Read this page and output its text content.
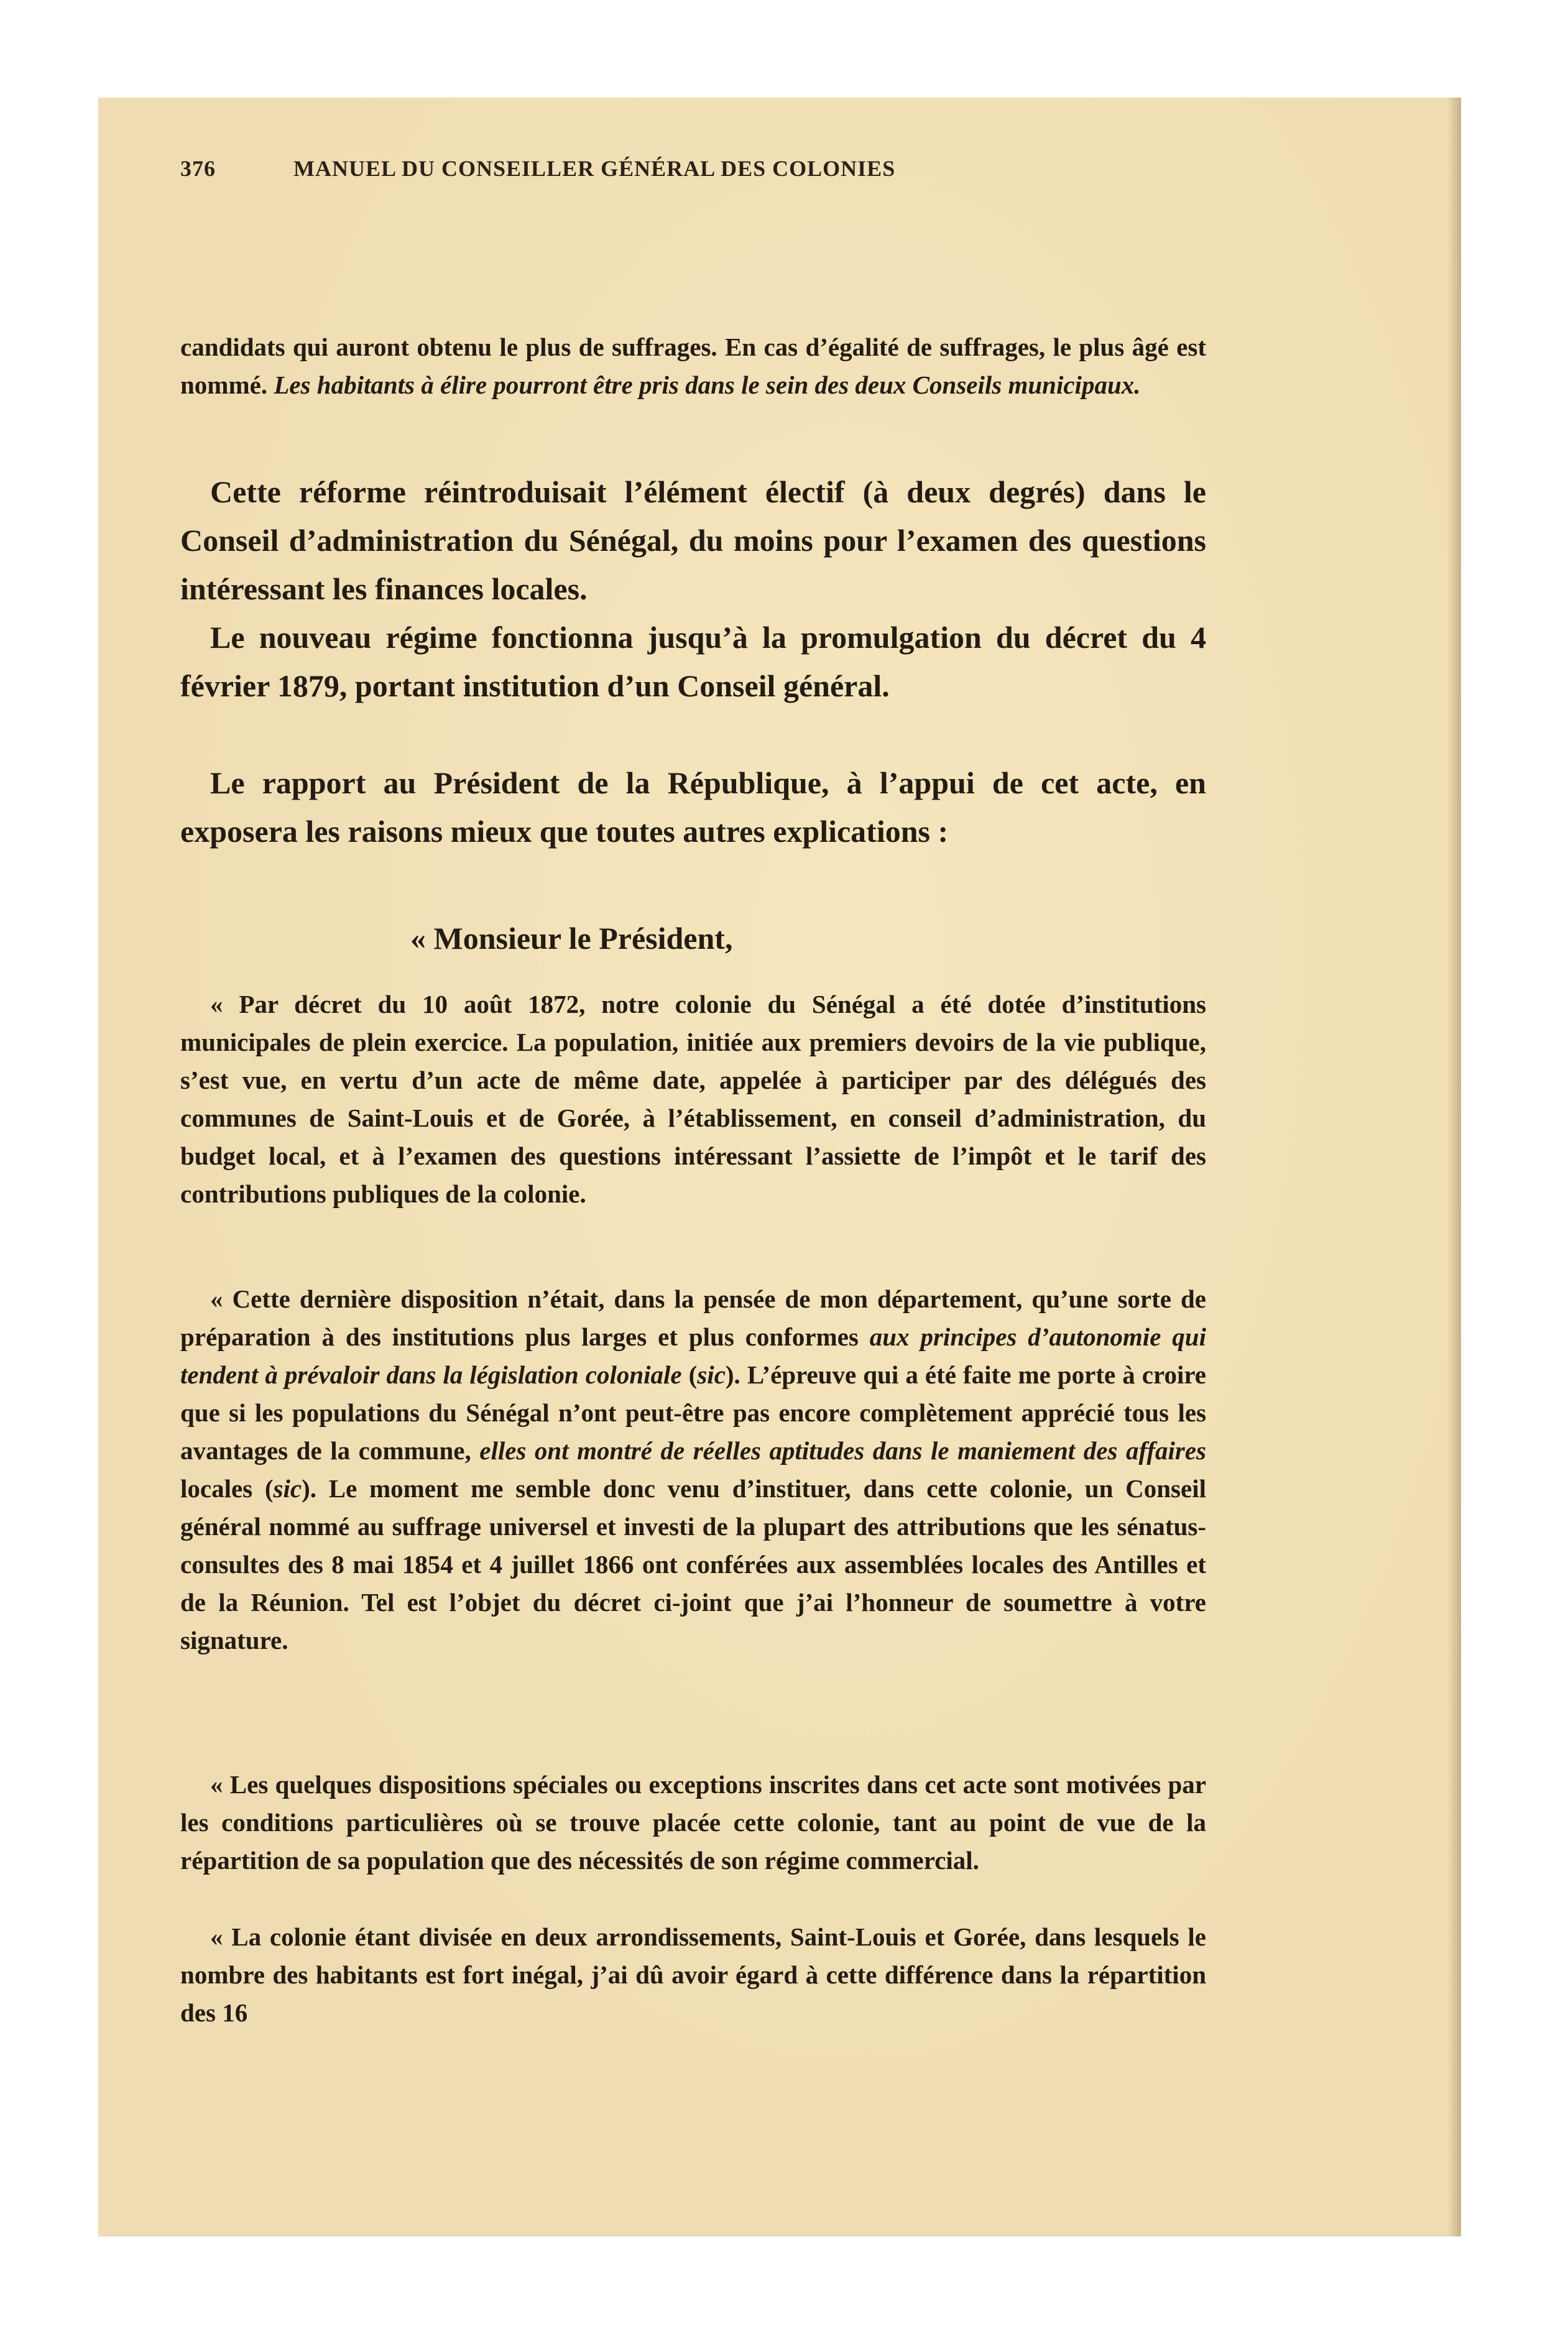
376	MANUEL DU CONSEILLER GÉNÉRAL DES COLONIES

candidats qui auront obtenu le plus de suffrages. En cas d’égalité de suffrages, le plus âgé est nommé. Les habitants à élire pourront être pris dans le sein des deux Conseils municipaux.

Cette réforme réintroduisait l’élément électif (à deux degrés) dans le Conseil d’administration du Sénégal, du moins pour l’examen des questions intéressant les finances locales.

Le nouveau régime fonctionna jusqu’à la promulgation du décret du 4 février 1879, portant institution d’un Conseil général.

Le rapport au Président de la République, à l’appui de cet acte, en exposera les raisons mieux que toutes autres explications :

« Monsieur le Président,

« Par décret du 10 août 1872, notre colonie du Sénégal a été dotée d’institutions municipales de plein exercice. La population, initiée aux premiers devoirs de la vie publique, s’est vue, en vertu d’un acte de même date, appelée à participer par des délégués des communes de Saint-Louis et de Gorée, à l’établissement, en conseil d’administration, du budget local, et à l’examen des questions intéressant l’assiette de l’impôt et le tarif des contributions publiques de la colonie.

« Cette dernière disposition n’était, dans la pensée de mon département, qu’une sorte de préparation à des institutions plus larges et plus conformes aux principes d’autonomie qui tendent à prévaloir dans la législation coloniale (sic). L’épreuve qui a été faite me porte à croire que si les populations du Sénégal n’ont peut-être pas encore complètement apprécié tous les avantages de la commune, elles ont montré de réelles aptitudes dans le maniement des affaires locales (sic). Le moment me semble donc venu d’instituer, dans cette colonie, un Conseil général nommé au suffrage universel et investi de la plupart des attributions que les sénatus-consultes des 8 mai 1854 et 4 juillet 1866 ont conférées aux assemblées locales des Antilles et de la Réunion. Tel est l’objet du décret ci-joint que j’ai l’honneur de soumettre à votre signature.

« Les quelques dispositions spéciales ou exceptions inscrites dans cet acte sont motivées par les conditions particulières où se trouve placée cette colonie, tant au point de vue de la répartition de sa population que des nécessités de son régime commercial.

« La colonie étant divisée en deux arrondissements, Saint-Louis et Gorée, dans lesquels le nombre des habitants est fort inégal, j’ai dû avoir égard à cette différence dans la répartition des 16
